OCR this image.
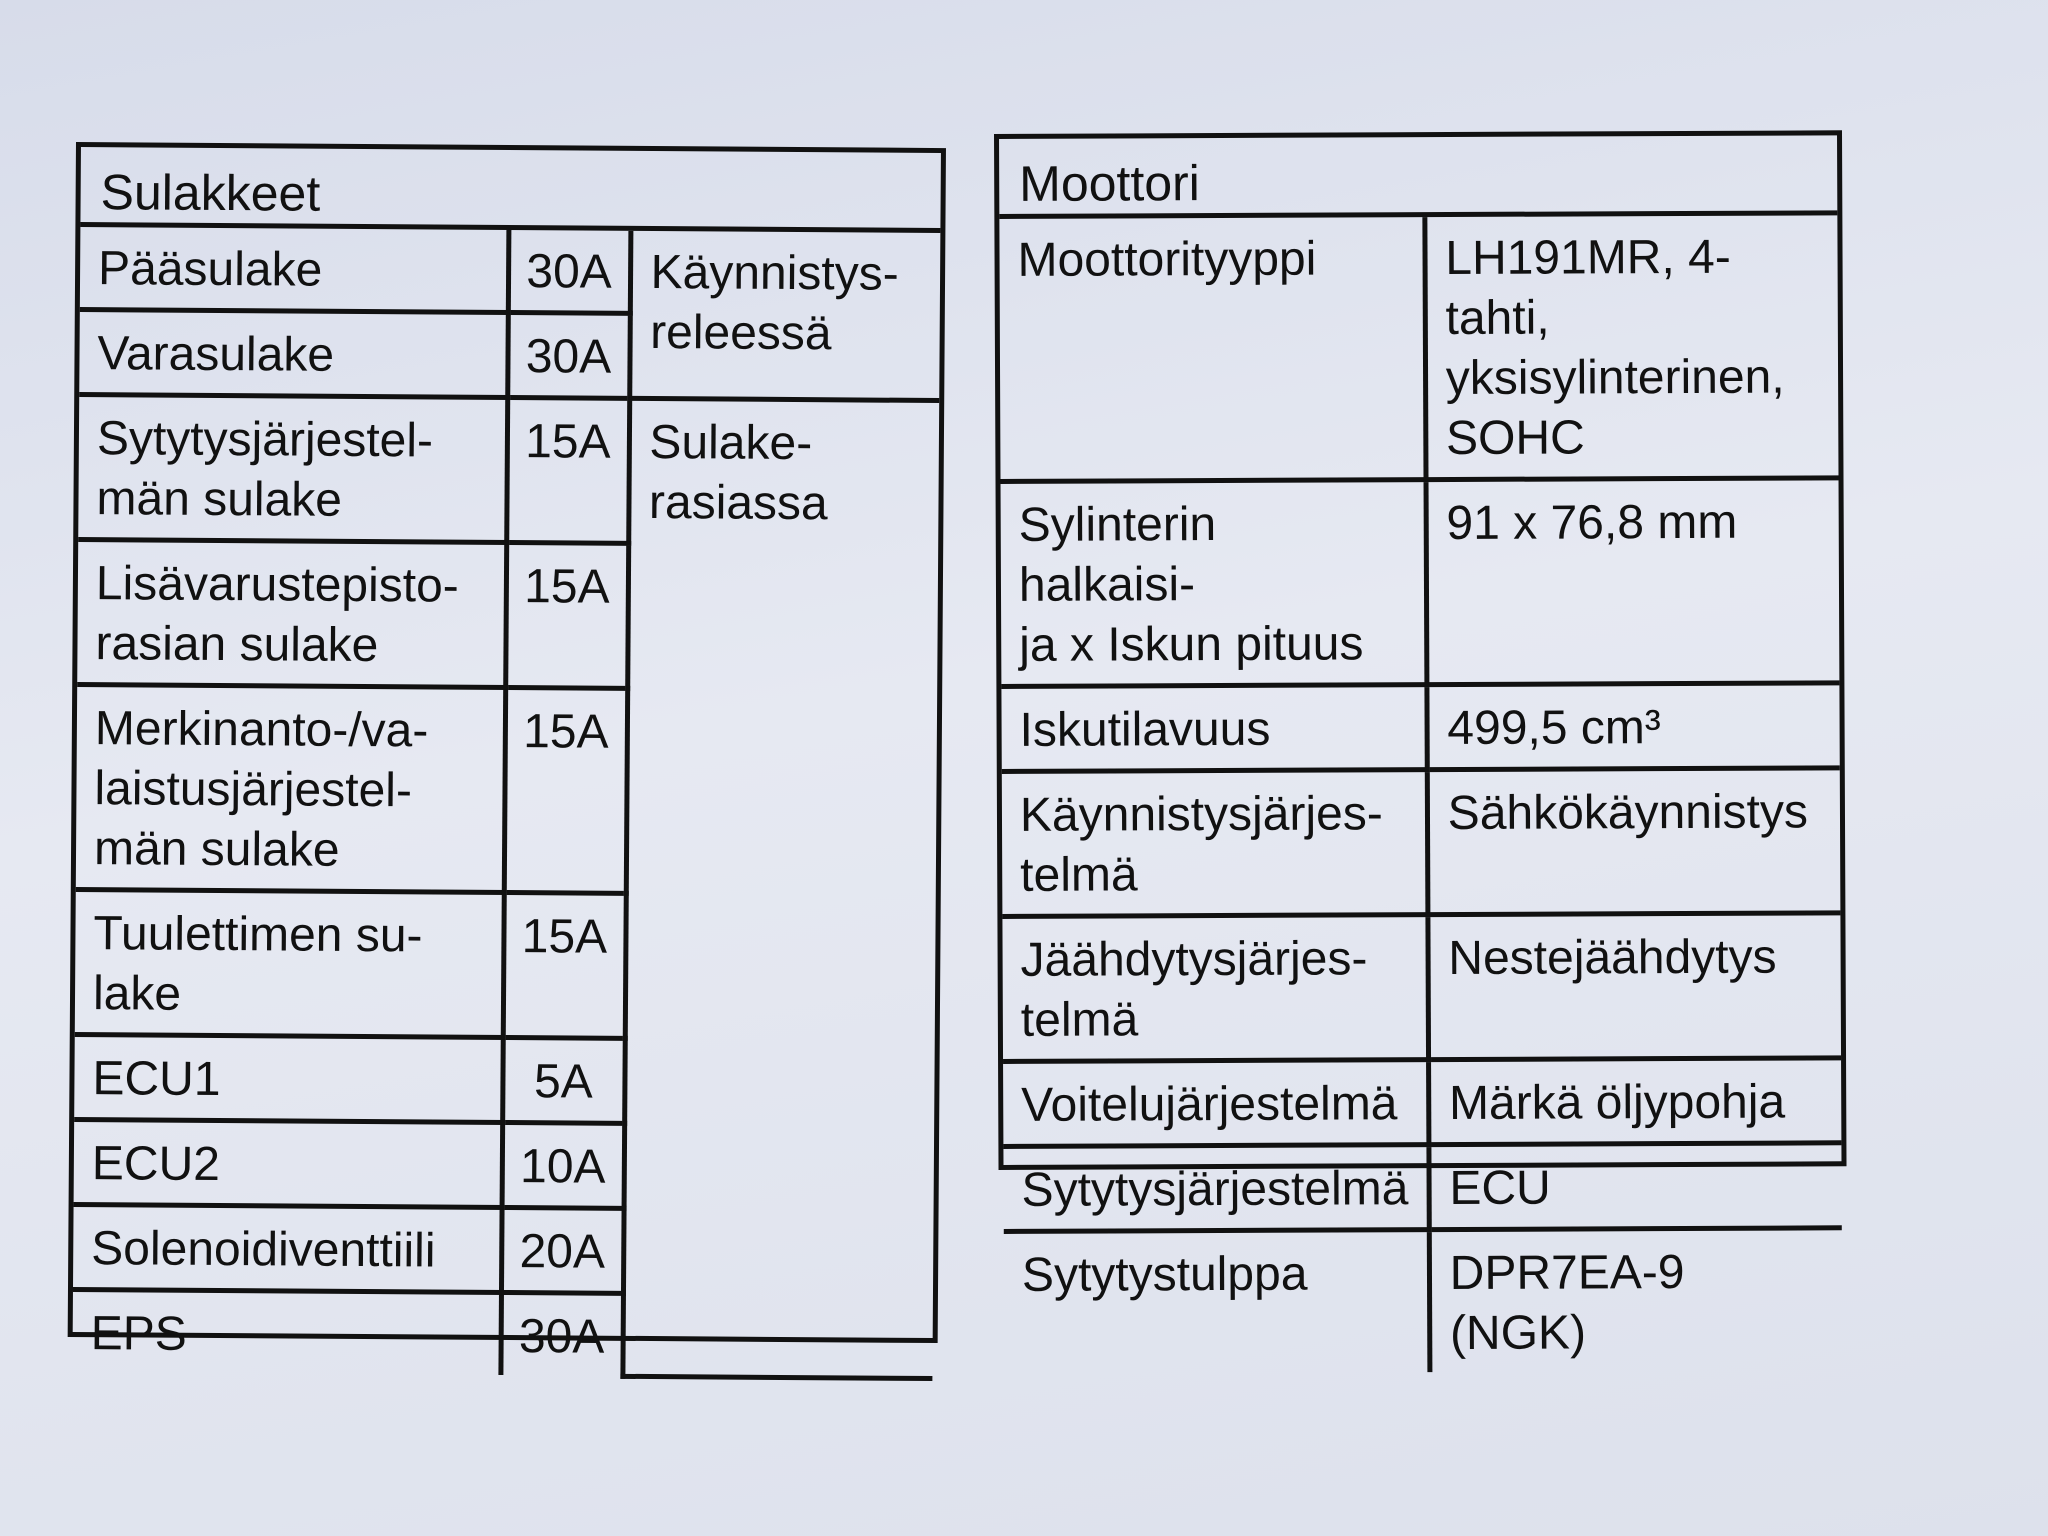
Sulakkeet
Pääsulake	30A	Käynnistys-
releessä
Varasulake	30A	
Sytytysjärjestel-
män sulake	15A	Sulake-
rasiassa
Lisävarustepisto-
rasian sulake	15A	
Merkinanto-/va-
laistusjärjestel-
män sulake	15A	
Tuulettimen su-
lake	15A	
ECU1	5A	
ECU2	10A	
Solenoidiventtiili	20A	
EPS	30A	
Moottori
Moottorityyppi	LH191MR, 4-tahti,
yksisylinterinen,
SOHC
Sylinterin halkaisi-
ja x Iskun pituus	91 x 76,8 mm
Iskutilavuus	499,5 cm³
Käynnistysjärjes-
telmä	Sähkökäynnistys
Jäähdytysjärjes-
telmä	Nestejäähdytys
Voitelujärjestelmä	Märkä öljypohja
Sytytysjärjestelmä	ECU
Sytytystulppa	DPR7EA-9 (NGK)
